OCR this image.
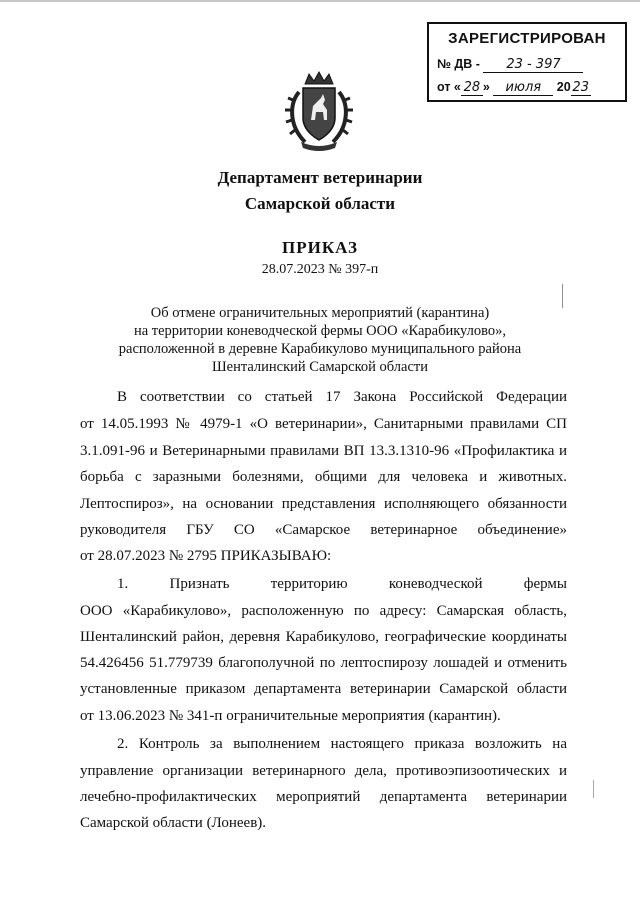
ЗАРЕГИСТРИРОВАН
№ ДВ - 23 - 397
от « 28 » июля 20 23
Департамент ветеринарии
Самарской области
ПРИКАЗ
28.07.2023 № 397-п
Об отмене ограничительных мероприятий (карантина)
на территории коневодческой фермы ООО «Карабикулово»,
расположенной в деревне Карабикулово муниципального района
Шенталинский Самарской области
В соответствии со статьей 17 Закона Российской Федерации
от 14.05.1993 № 4979-1 «О ветеринарии», Санитарными правилами СП
3.1.091-96 и Ветеринарными правилами ВП 13.3.1310-96 «Профилактика и
борьба с заразными болезнями, общими для человека и животных.
Лептоспироз», на основании представления исполняющего обязанности
руководителя ГБУ СО «Самарское ветеринарное объединение»
от 28.07.2023 № 2795 ПРИКАЗЫВАЮ:
1. Признать территорию коневодческой фермы
ООО «Карабикулово», расположенную по адресу: Самарская область,
Шенталинский район, деревня Карабикулово, географические координаты
54.426456 51.779739 благополучной по лептоспирозу лошадей и отменить
установленные приказом департамента ветеринарии Самарской области
от 13.06.2023 № 341-п ограничительные мероприятия (карантин).
2. Контроль за выполнением настоящего приказа возложить на
управление организации ветеринарного дела, противоэпизоотических и
лечебно-профилактических мероприятий департамента ветеринарии
Самарской области (Лонеев).
